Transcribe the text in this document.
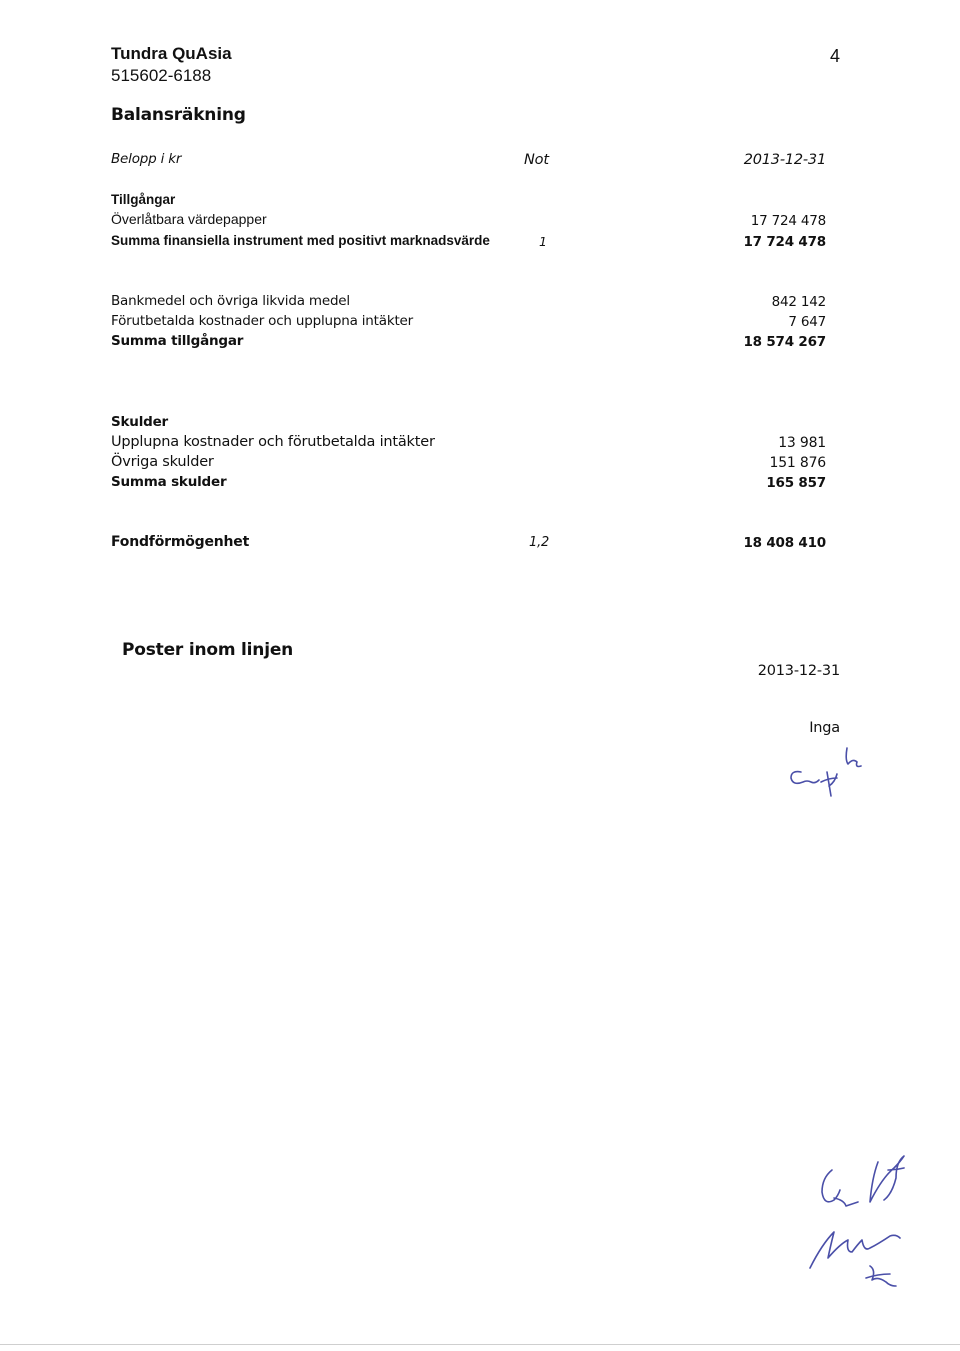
Tundra QuAsia
515602-6188
4
Balansräkning
Belopp i kr	Not	2013-12-31
Tillgångar
Överlåtbara värdepapper	17 724 478
Summa finansiella instrument med positivt marknadsvärde	1	17 724 478
Bankmedel och övriga likvida medel	842 142
Förutbetalda kostnader och upplupna intäkter	7 647
Summa tillgångar	18 574 267
Skulder
Upplupna kostnader och förutbetalda intäkter	13 981
Övriga skulder	151 876
Summa skulder	165 857
Fondförmögenhet	1,2	18 408 410
Poster inom linjen
2013-12-31
Inga
